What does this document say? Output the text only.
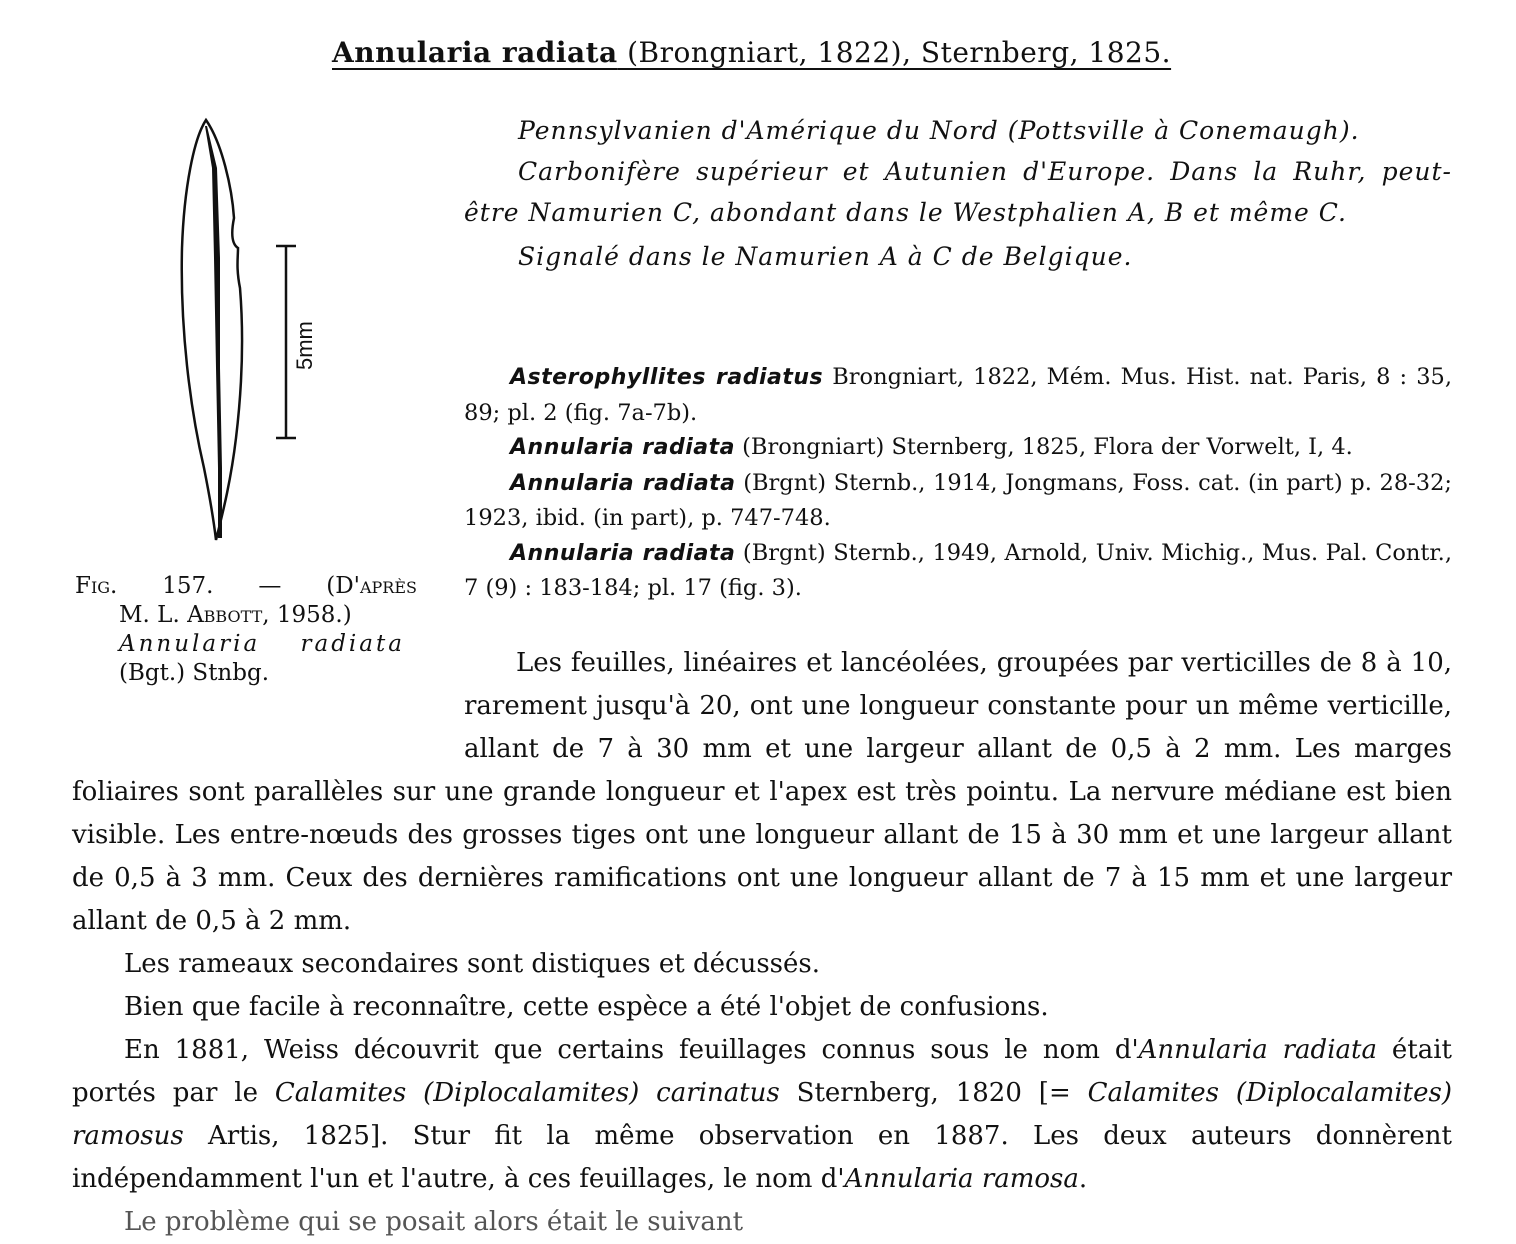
Annularia radiata (Brongniart, 1822), Sternberg, 1825.
5mm
Fig. 157. — (D'après
M. L. Abbott, 1958.)
Annularia radiata
(Bgt.) Stnbg.

Pennsylvanien d'Amérique du Nord (Pottsville à Conemaugh).

Carbonifère supérieur et Autunien d'Europe. Dans la Ruhr, peut-être Namurien C, abondant dans le Westphalien A, B et même C.

Signalé dans le Namurien A à C de Belgique.

Asterophyllites radiatus Brongniart, 1822, Mém. Mus. Hist. nat. Paris, 8 : 35, 89; pl. 2 (fig. 7a-7b).

Annularia radiata (Brongniart) Sternberg, 1825, Flora der Vorwelt, I, 4.

Annularia radiata (Brgnt) Sternb., 1914, Jongmans, Foss. cat. (in part) p. 28-32; 1923, ibid. (in part), p. 747-748.

Annularia radiata (Brgnt) Sternb., 1949, Arnold, Univ. Michig., Mus. Pal. Contr., 7 (9) : 183-184; pl. 17 (fig. 3).

Les feuilles, linéaires et lancéolées, groupées par verticilles de 8 à 10, rarement jusqu'à 20, ont une longueur constante pour un même verticille, allant de 7 à 30 mm et une largeur allant de 0,5 à 2 mm. Les marges foliaires sont parallèles sur une grande longueur et l'apex est très pointu. La nervure médiane est bien visible. Les entre-nœuds des grosses tiges ont une longueur allant de 15 à 30 mm et une largeur allant de 0,5 à 3 mm. Ceux des dernières ramifications ont une longueur allant de 7 à 15 mm et une largeur allant de 0,5 à 2 mm.

Les rameaux secondaires sont distiques et décussés.

Bien que facile à reconnaître, cette espèce a été l'objet de confusions.

En 1881, Weiss découvrit que certains feuillages connus sous le nom d'Annularia radiata était portés par le Calamites (Diplocalamites) carinatus Sternberg, 1820 [= Calamites (Diplocalamites) ramosus Artis, 1825]. Stur fit la même observation en 1887. Les deux auteurs donnèrent indépendamment l'un et l'autre, à ces feuillages, le nom d'Annularia ramosa.

Le problème qui se posait alors était le suivant
